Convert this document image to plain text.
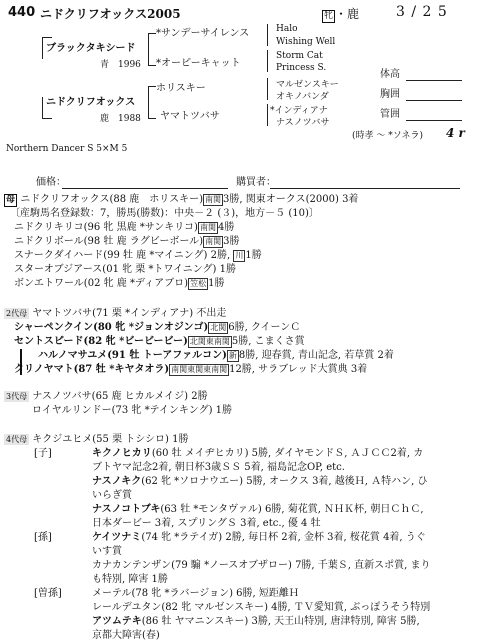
440 ニドクリフオックス2005	牝 ・鹿	3 / 2 5
ブラックタキシード
青　1996
ニドクリフオックス
鹿　1988
*サンデーサイレンス
*オーピーキャット
ホリスキー
ヤマトツバサ
Halo
Wishing Well
Storm Cat
Princess S.
マルゼンスキー
オキノバンダ
*インディアナ
ナスノツバサ
体高
胸囲
管囲
(時孝 ～ *ソネラ) 4 r
Northern Dancer S 5×M 5
価格：	購買者：
母 ニドクリフオックス(88 鹿　ホリスキー) 南関 3勝, 関東オークス(2000) 3着
〔産駒馬名登録数：7，勝馬(勝数)：中央－２ (３)，地方－５ (10)〕
ニドクリキリコ(96 牝 黒鹿 *サンキリコ) 南関 4勝
ニドクリボール(98 牡 鹿 ラグビーボール) 南関 3勝
スナークダイハード(99 牡 鹿 *マイニング) 2勝, 川 1勝
スターオブジアース(01 牝 栗 *トワイニング) 1勝
ボンエトワール(02 牝 鹿 *ディアブロ) 笠松 1勝
2代母 ヤマトツバサ(71 栗 *インディアナ) 不出走
シャーペンクイン(80 牝 *ジョンオジンゴ) 北関 6勝, クイーンＣ
セントスピード(82 牝 *ビービービー) 北関東南関 5勝, こまくさ賞
ハルノマサユメ(91 牡 トーアファルコン) 新 8勝, 迎春賞, 青山記念, 若草賞 2着
クリノヤマト(87 牡 *キヤタオラ) 南関東関東南関 12勝, サラブレッド大賞典 3着
3代母 ナスノツバサ(65 鹿 ヒカルメイジ) 2勝
ロイヤルリンドー(73 牝 *テインキング) 1勝
4代母 キクジユヒメ(55 栗 トシシロ) 1勝
[子]	キクノヒカリ(60 牡 メイヂヒカリ) 5勝, ダイヤモンドＳ, ＡＪＣＣ2着, カ
ブトヤマ記念2着, 朝日杯3歳ＳＳ 5着, 福島記念OP, etc.
ナスノキク(62 牝 *ソロナウエー) 5勝, オークス 3着, 越後Ｈ, Ａ特ハン, ひ
いらぎ賞
ナスノコトブキ(63 牡 *モンタヴァル) 6勝, 菊花賞, ＮＨＫ杯, 朝日ＣｈＣ,
日本ダービー 3着, スプリングＳ 3着, etc., 優 4 牡
[孫]	ケイツナミ(74 牝 *ラテイガ) 2勝, 毎日杯 2着, 金杯 3着, 桜花賞 4着, うぐ
いす賞
カナカンテンザン(79 騸 *ノースオブザロー) 7勝, 千葉Ｓ, 直新スポ賞, まり
も特別, 障害 1勝
[曽孫]	メーテル(78 牝 *ラバージョン) 6勝, 短距離Ｈ
レールデユタン(82 牝 マルゼンスキー) 4勝, ＴＶ愛知賞, ぶっぽうそう特別
アツムテキ(86 牡 ヤマニンスキー) 3勝, 天王山特別, 唐津特別, 障害 5勝,
京都大障害(春)
